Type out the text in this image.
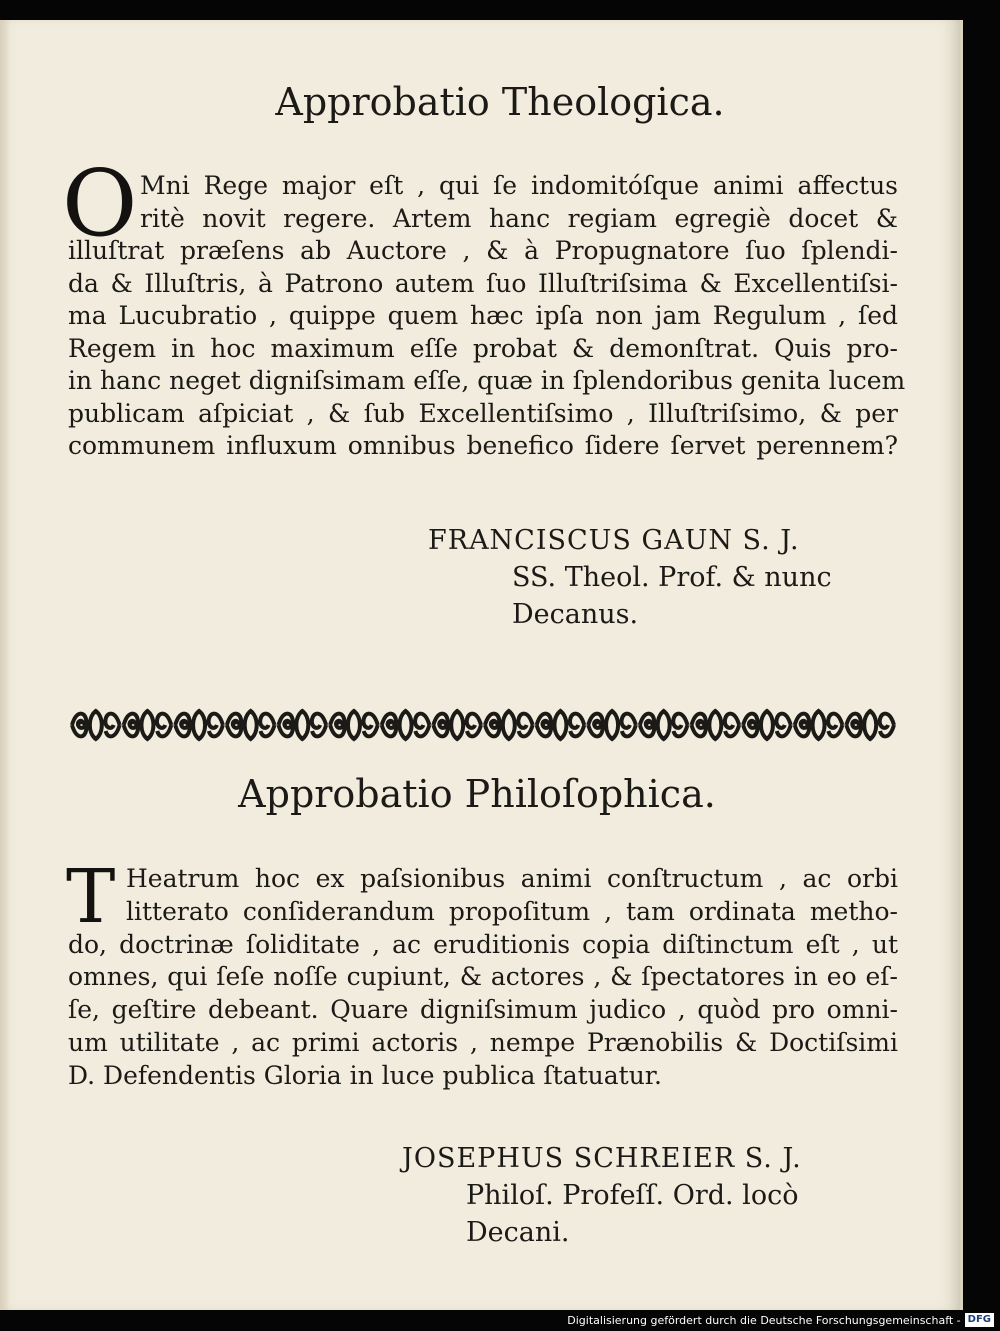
Approbatio Theologica.
O Mni Rege major eſt , qui ſe indomitóſque animi affectus
ritè novit regere. Artem hanc regiam egregiè docet &
illuſtrat præſens ab Auctore , & à Propugnatore ſuo ſplendi-
da & Illuſtris, à Patrono autem ſuo Illuſtriſsima & Excellentiſsi-
ma Lucubratio , quippe quem hæc ipſa non jam Regulum , ſed
Regem in hoc maximum eſſe probat & demonſtrat. Quis pro-
in hanc neget digniſsimam eſſe, quæ in ſplendoribus genita lucem
publicam aſpiciat , & ſub Excellentiſsimo , Illuſtriſsimo, & per
communem influxum omnibus benefico ſidere ſervet perennem?
FRANCISCUS GAUN S. J.
SS. Theol. Prof. & nunc
Decanus.
Approbatio Philoſophica.
T Heatrum hoc ex paſsionibus animi conſtructum , ac orbi
litterato conſiderandum propoſitum , tam ordinata metho-
do, doctrinæ ſoliditate , ac eruditionis copia diſtinctum eſt , ut
omnes, qui ſeſe noſſe cupiunt, & actores , & ſpectatores in eo eſ-
ſe, geſtire debeant. Quare digniſsimum judico , quòd pro omni-
um utilitate , ac primi actoris , nempe Prænobilis & Doctiſsimi
D. Defendentis Gloria in luce publica ſtatuatur.
JOSEPHUS SCHREIER S. J.
Philoſ. Profeſſ. Ord. locò
Decani.
Digitalisierung gefördert durch die Deutsche Forschungsgemeinschaft - DFG
